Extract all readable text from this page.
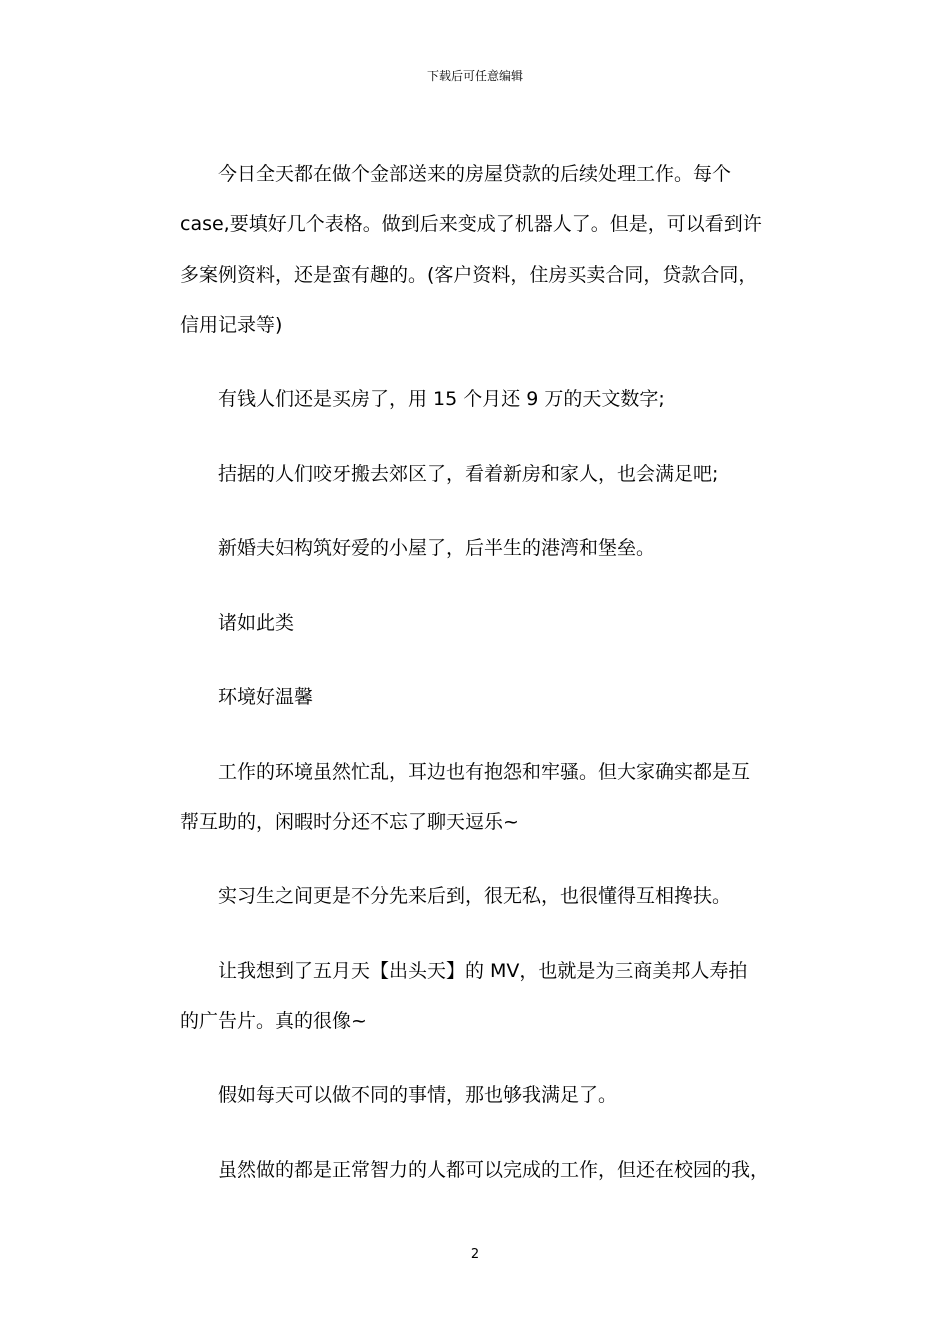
下载后可任意编辑
今日全天都在做个金部送来的房屋贷款的后续处理工作。每个
case,要填好几个表格。做到后来变成了机器人了。但是，可以看到许
多案例资料，还是蛮有趣的。(客户资料，住房买卖合同，贷款合同，
信用记录等)
有钱人们还是买房了，用 15 个月还 9 万的天文数字;
拮据的人们咬牙搬去郊区了，看着新房和家人，也会满足吧;
新婚夫妇构筑好爱的小屋了，后半生的港湾和堡垒。
诸如此类
环境好温馨
工作的环境虽然忙乱，耳边也有抱怨和牢骚。但大家确实都是互
帮互助的，闲暇时分还不忘了聊天逗乐~
实习生之间更是不分先来后到，很无私，也很懂得互相搀扶。
让我想到了五月天【出头天】的 MV，也就是为三商美邦人寿拍
的广告片。真的很像~
假如每天可以做不同的事情，那也够我满足了。
虽然做的都是正常智力的人都可以完成的工作，但还在校园的我，
2
